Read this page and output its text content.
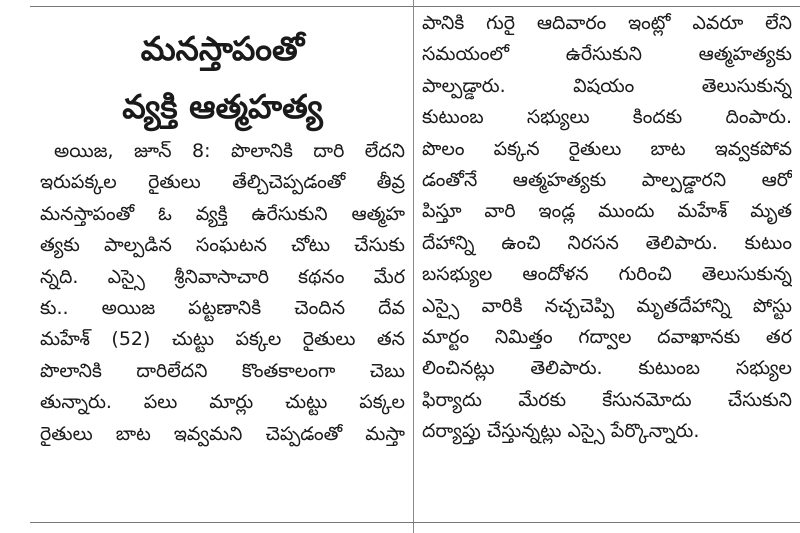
మనస్తాపంతో
వ్యక్తి ఆత్మహత్య
అయిజ, జూన్ 8: పొలానికి దారి లేదని
ఇరుపక్కల రైతులు తేల్చిచెప్పడంతో తీవ్ర
మనస్తాపంతో ఓ వ్యక్తి ఉరేసుకుని ఆత్మహ
త్యకు పాల్పడిన సంఘటన చోటు చేసుకు
న్నది. ఎస్సై శ్రీనివాసాచారి కథనం మేర
కు.. అయిజ పట్టణానికి చెందిన దేవ
మహేశ్ (52) చుట్టు పక్కల రైతులు తన
పొలానికి దారిలేదని కొంతకాలంగా చెబు
తున్నారు. పలు మార్లు చుట్టు పక్కల
రైతులు బాట ఇవ్వమని చెప్పడంతో మస్తా
పానికి గురై ఆదివారం ఇంట్లో ఎవరూ లేని
సమయంలో ఉరేసుకుని ఆత్మహత్యకు
పాల్పడ్డారు. విషయం తెలుసుకున్న
కుటుంబ సభ్యులు కిందకు దింపారు.
పొలం పక్కన రైతులు బాట ఇవ్వకపోవ
డంతోనే ఆత్మహత్యకు పాల్పడ్డారని ఆరో
పిస్తూ వారి ఇండ్ల ముందు మహేశ్ మృత
దేహాన్ని ఉంచి నిరసన తెలిపారు. కుటుం
బసభ్యుల ఆందోళన గురించి తెలుసుకున్న
ఎస్సై వారికి నచ్చచెప్పి మృతదేహాన్ని పోస్టు
మార్టం నిమిత్తం గద్వాల దవాఖానకు తర
లించినట్లు తెలిపారు. కుటుంబ సభ్యుల
ఫిర్యాదు మేరకు కేసునమోదు చేసుకుని
దర్యాప్తు చేస్తున్నట్లు ఎస్సై పేర్కొన్నారు.
